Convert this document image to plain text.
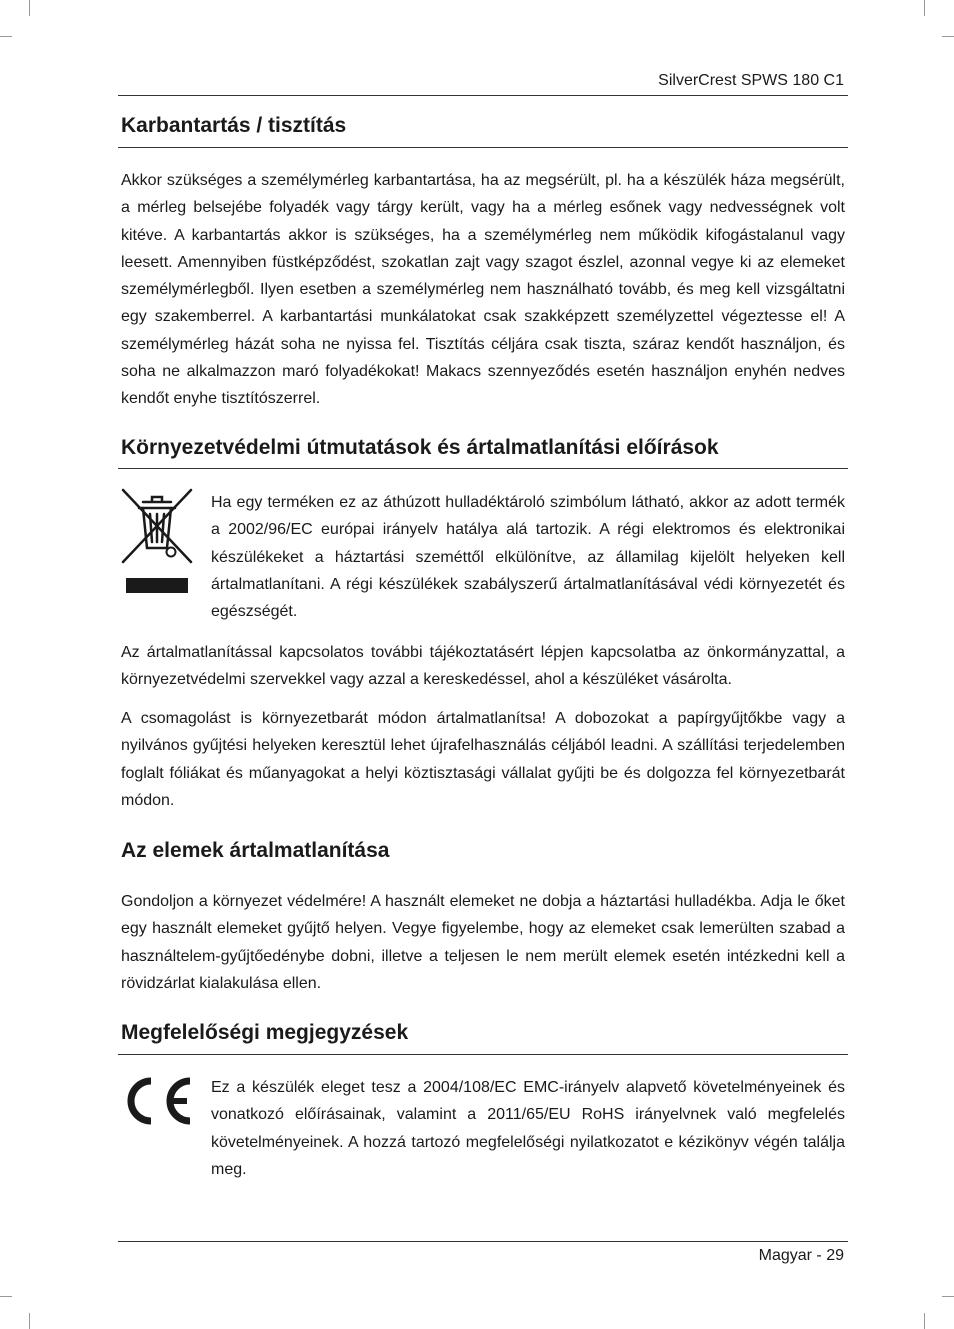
SilverCrest SPWS 180 C1
Karbantartás / tisztítás

Akkor szükséges a személymérleg karbantartása, ha az megsérült, pl. ha a készülék háza megsérült, a mérleg belsejébe folyadék vagy tárgy került, vagy ha a mérleg esőnek vagy nedvességnek volt kitéve. A karbantartás akkor is szükséges, ha a személymérleg nem működik kifogástalanul vagy leesett. Amennyiben füstképződést, szokatlan zajt vagy szagot észlel, azonnal vegye ki az elemeket személymérlegből. Ilyen esetben a személymérleg nem használható tovább, és meg kell vizsgáltatni egy szakemberrel. A karbantartási munkálatokat csak szakképzett személyzettel végeztesse el! A személymérleg házát soha ne nyissa fel. Tisztítás céljára csak tiszta, száraz kendőt használjon, és soha ne alkalmazzon maró folyadékokat! Makacs szennyeződés esetén használjon enyhén nedves kendőt enyhe tisztítószerrel.

Környezetvédelmi útmutatások és ártalmatlanítási előírások

Ha egy terméken ez az áthúzott hulladéktároló szimbólum látható, akkor az adott termék a 2002/96/EC európai irányelv hatálya alá tartozik. A régi elektromos és elektronikai készülékeket a háztartási szeméttől elkülönítve, az államilag kijelölt helyeken kell ártalmatlanítani. A régi készülékek szabályszerű ártalmatlanításával védi környezetét és egészségét.

Az ártalmatlanítással kapcsolatos további tájékoztatásért lépjen kapcsolatba az önkormányzattal, a környezetvédelmi szervekkel vagy azzal a kereskedéssel, ahol a készüléket vásárolta.

A csomagolást is környezetbarát módon ártalmatlanítsa! A dobozokat a papírgyűjtőkbe vagy a nyilvános gyűjtési helyeken keresztül lehet újrafelhasználás céljából leadni. A szállítási terjedelemben foglalt fóliákat és műanyagokat a helyi köztisztasági vállalat gyűjti be és dolgozza fel környezetbarát módon.

Az elemek ártalmatlanítása

Gondoljon a környezet védelmére! A használt elemeket ne dobja a háztartási hulladékba. Adja le őket egy használt elemeket gyűjtő helyen. Vegye figyelembe, hogy az elemeket csak lemerülten szabad a használtelem-gyűjtőedénybe dobni, illetve a teljesen le nem merült elemek esetén intézkedni kell a rövidzárlat kialakulása ellen.

Megfelelőségi megjegyzések

Ez a készülék eleget tesz a 2004/108/EC EMC-irányelv alapvető követelményeinek és vonatkozó előírásainak, valamint a 2011/65/EU RoHS irányelvnek való megfelelés követelményeinek. A hozzá tartozó megfelelőségi nyilatkozatot e kézikönyv végén találja meg.

Magyar - 29
